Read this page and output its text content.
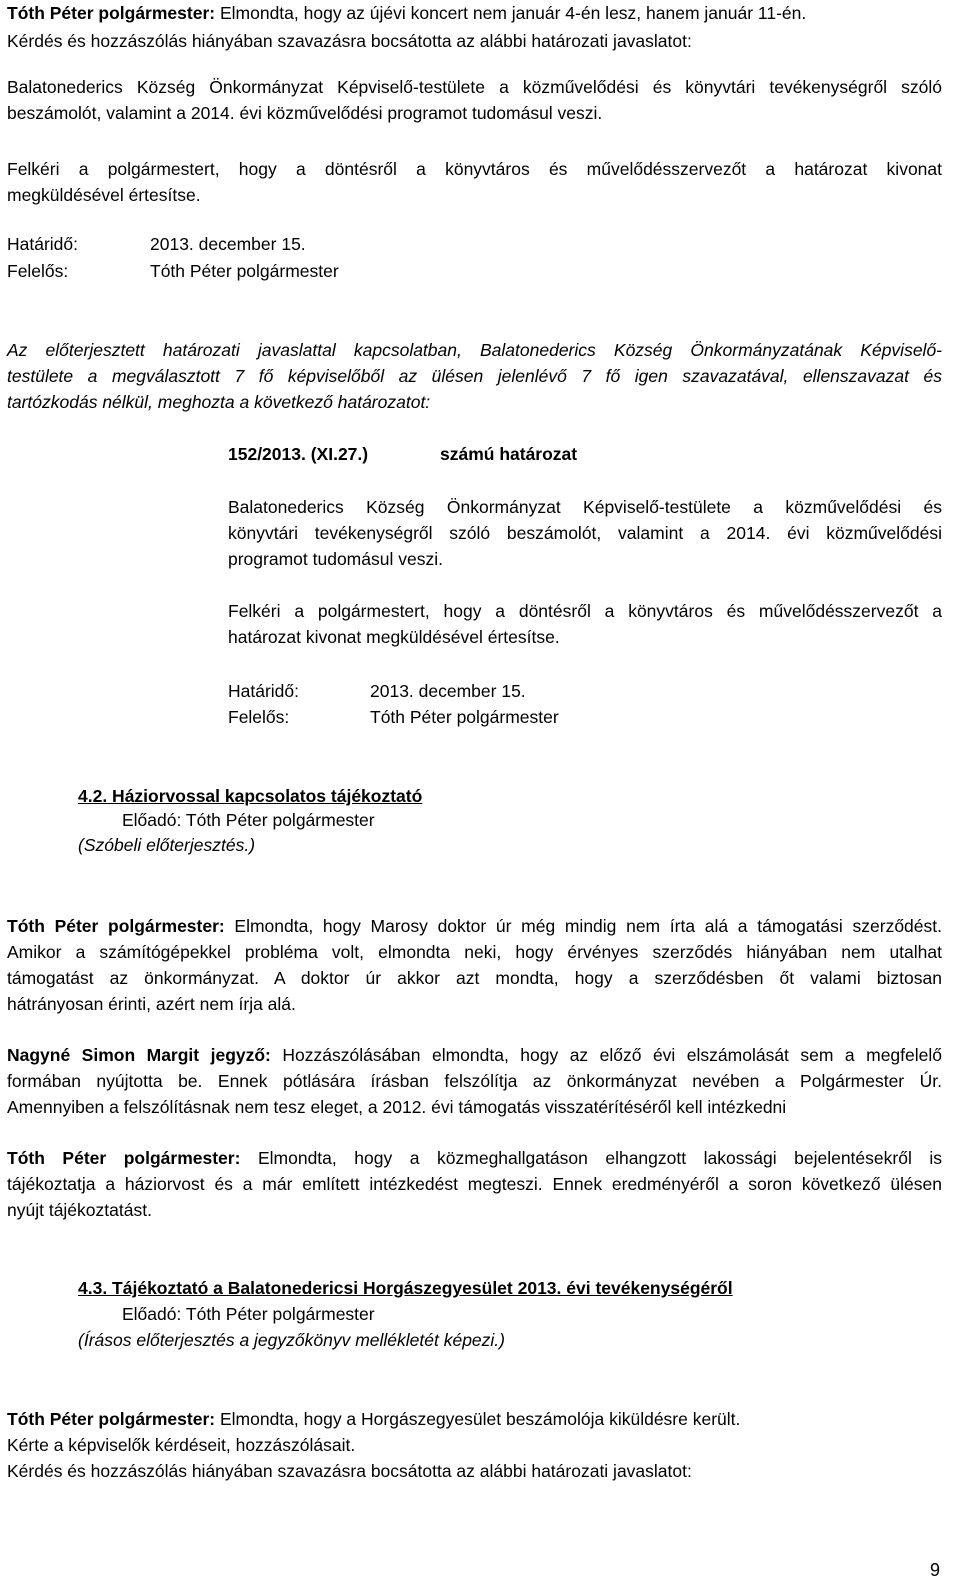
Tóth Péter polgármester: Elmondta, hogy az újévi koncert nem január 4-én lesz, hanem január 11-én.
Kérdés és hozzászólás hiányában szavazásra bocsátotta az alábbi határozati javaslatot:
Balatonederics Község Önkormányzat Képviselő-testülete a közművelődési és könyvtári tevékenységről szóló
beszámolót, valamint a 2014. évi közművelődési programot tudomásul veszi.
Felkéri a polgármestert, hogy a döntésről a könyvtáros és művelődésszervezőt a határozat kivonat
megküldésével értesítse.
Határidő:	2013. december 15.
Felelős:	Tóth Péter polgármester
Az előterjesztett határozati javaslattal kapcsolatban, Balatonederics Község Önkormányzatának Képviselő-
testülete a megválasztott 7 fő képviselőből az ülésen jelenlévő 7 fő igen szavazatával, ellenszavazat és
tartózkodás nélkül, meghozta a következő határozatot:
152/2013. (XI.27.)	számú határozat
Balatonederics Község Önkormányzat Képviselő-testülete a közművelődési és
könyvtári tevékenységről szóló beszámolót, valamint a 2014. évi közművelődési
programot tudomásul veszi.
Felkéri a polgármestert, hogy a döntésről a könyvtáros és művelődésszervezőt a
határozat kivonat megküldésével értesítse.
Határidő:	2013. december 15.
Felelős:	Tóth Péter polgármester
4.2. Háziorvossal kapcsolatos tájékoztató
Előadó: Tóth Péter polgármester
(Szóbeli előterjesztés.)
Tóth Péter polgármester: Elmondta, hogy Marosy doktor úr még mindig nem írta alá a támogatási szerződést.
Amikor a számítógépekkel probléma volt, elmondta neki, hogy érvényes szerződés hiányában nem utalhat
támogatást az önkormányzat. A doktor úr akkor azt mondta, hogy a szerződésben őt valami biztosan
hátrányosan érinti, azért nem írja alá.
Nagyné Simon Margit jegyző: Hozzászólásában elmondta, hogy az előző évi elszámolását sem a megfelelő
formában nyújtotta be. Ennek pótlására írásban felszólítja az önkormányzat nevében a Polgármester Úr.
Amennyiben a felszólításnak nem tesz eleget, a 2012. évi támogatás visszatérítéséről kell intézkedni
Tóth Péter polgármester: Elmondta, hogy a közmeghallgatáson elhangzott lakossági bejelentésekről is
tájékoztatja a háziorvost és a már említett intézkedést megteszi. Ennek eredményéről a soron következő ülésen
nyújt tájékoztatást.
4.3. Tájékoztató a Balatonedericsi Horgászegyesület 2013. évi tevékenységéről
Előadó: Tóth Péter polgármester
(Írásos előterjesztés a jegyzőkönyv mellékletét képezi.)
Tóth Péter polgármester: Elmondta, hogy a Horgászegyesület beszámolója kiküldésre került.
Kérte a képviselők kérdéseit, hozzászólásait.
Kérdés és hozzászólás hiányában szavazásra bocsátotta az alábbi határozati javaslatot:
9
